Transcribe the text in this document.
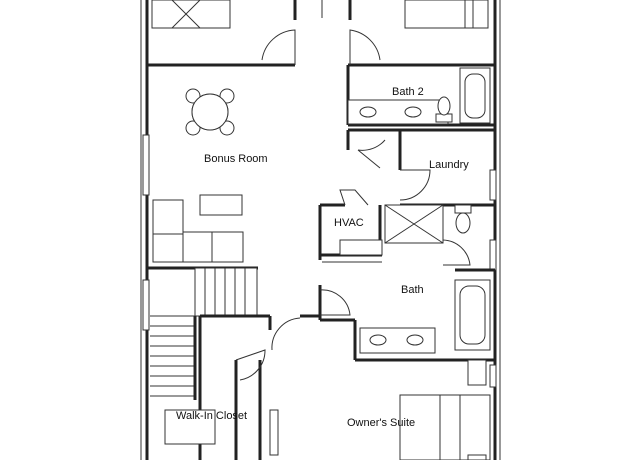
Bath 2
Bonus Room	Laundry
HVAC
Bath
Walk-In Closet
Owner's Suite
